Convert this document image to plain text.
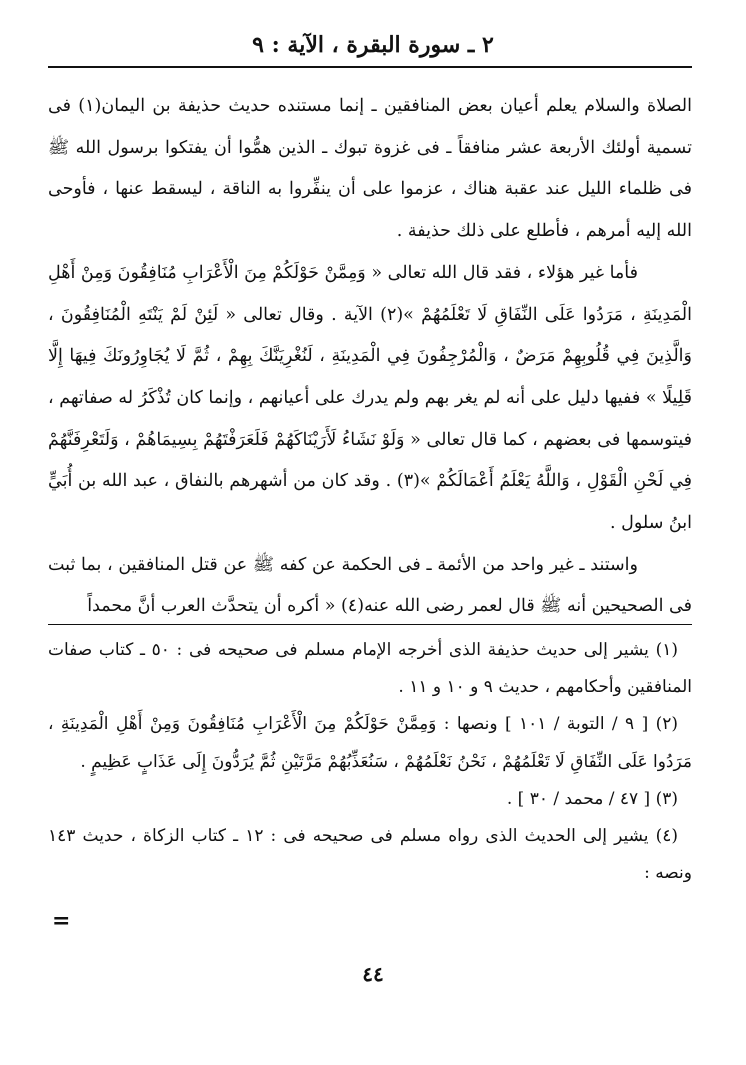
٢ ـ سورة البقرة ، الآية : ٩

الصلاة والسلام يعلم أعيان بعض المنافقين ـ إنما مستنده حديث حذيفة بن اليمان(١) فى تسمية أولئك الأربعة عشر منافقاً ـ فى غزوة تبوك ـ الذين همُّوا أن يفتكوا برسول الله ﷺ فى ظلماء الليل عند عقبة هناك ، عزموا على أن ينفِّروا به الناقة ، ليسقط عنها ، فأوحى الله إليه أمرهم ، فأطلع على ذلك حذيفة .

فأما غير هؤلاء ، فقد قال الله تعالى « وَمِمَّنْ حَوْلَكُمْ مِنَ الْأَعْرَابِ مُنَافِقُونَ وَمِنْ أَهْلِ الْمَدِينَةِ ، مَرَدُوا عَلَى النِّفَاقِ لَا تَعْلَمُهُمْ »(٢) الآية . وقال تعالى « لَئِنْ لَمْ يَنْتَهِ الْمُنَافِقُونَ ، وَالَّذِينَ فِي قُلُوبِهِمْ مَرَضٌ ، وَالْمُرْجِفُونَ فِي الْمَدِينَةِ ، لَنُغْرِيَنَّكَ بِهِمْ ، ثُمَّ لَا يُجَاوِرُونَكَ فِيهَا إِلَّا قَلِيلًا » ففيها دليل على أنه لم يغر بهم ولم يدرك على أعيانهم ، وإنما كان تُذْكَرُ له صفاتهم ، فيتوسمها فى بعضهم ، كما قال تعالى « وَلَوْ نَشَاءُ لَأَرَيْنَاكَهُمْ فَلَعَرَفْتَهُمْ بِسِيمَاهُمْ ، وَلَتَعْرِفَنَّهُمْ فِي لَحْنِ الْقَوْلِ ، وَاللَّهُ يَعْلَمُ أَعْمَالَكُمْ »(٣) . وقد كان من أشهرهم بالنفاق ، عبد الله بن أُبَيٍّ ابنُ سلول .

واستند ـ غير واحد من الأئمة ـ فى الحكمة عن كفه ﷺ عن قتل المنافقين ، بما ثبت فى الصحيحين أنه ﷺ قال لعمر رضى الله عنه(٤) « أكره أن يتحدَّث العرب أنَّ محمداً

(١) يشير إلى حديث حذيفة الذى أخرجه الإمام مسلم فى صحيحه فى : ٥٠ ـ كتاب صفات المنافقين وأحكامهم ، حديث ٩ و ١٠ و ١١ .

(٢) [ ٩ / التوبة / ١٠١ ] ونصها : وَمِمَّنْ حَوْلَكُمْ مِنَ الْأَعْرَابِ مُنَافِقُونَ وَمِنْ أَهْلِ الْمَدِينَةِ ، مَرَدُوا عَلَى النِّفَاقِ لَا تَعْلَمُهُمْ ، نَحْنُ نَعْلَمُهُمْ ، سَنُعَذِّبُهُمْ مَرَّتَيْنِ ثُمَّ يُرَدُّونَ إِلَى عَذَابٍ عَظِيمٍ .

(٣) [ ٤٧ / محمد / ٣٠ ] .

(٤) يشير إلى الحديث الذى رواه مسلم فى صحيحه فى : ١٢ ـ كتاب الزكاة ، حديث ١٤٣ ونصه :

=
٤٤
